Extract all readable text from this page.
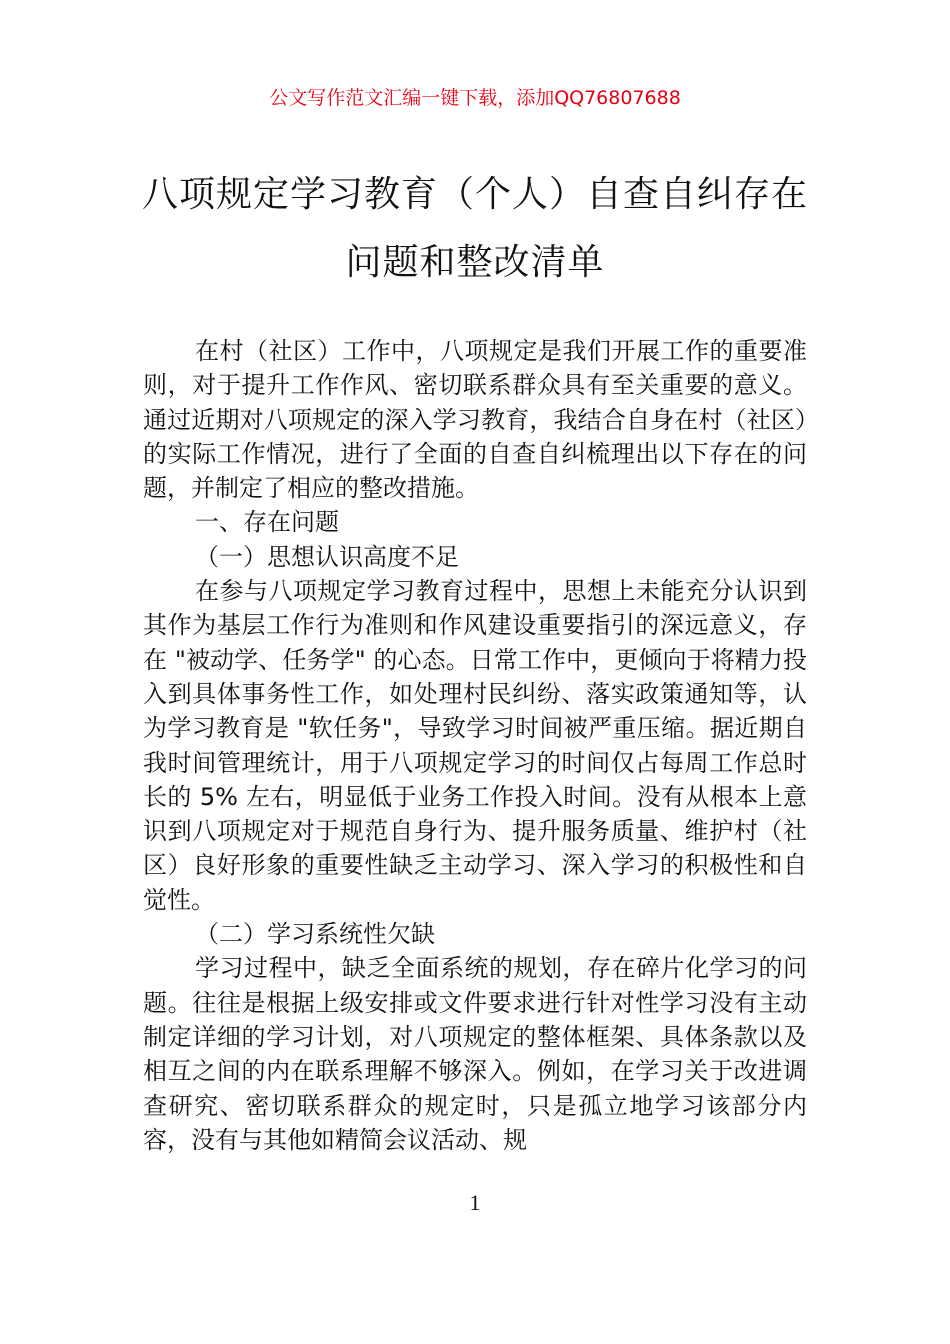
公文写作范文汇编一键下载，添加QQ76807688
八项规定学习教育（个人）自查自纠存在
问题和整改清单

在村（社区）工作中，八项规定是我们开展工作的重要准则，对于提升工作作风、密切联系群众具有至关重要的意义。通过近期对八项规定的深入学习教育，我结合自身在村（社区）的实际工作情况，进行了全面的自查自纠梳理出以下存在的问题，并制定了相应的整改措施。

一、存在问题

（一）思想认识高度不足

在参与八项规定学习教育过程中，思想上未能充分认识到其作为基层工作行为准则和作风建设重要指引的深远意义，存在 "被动学、任务学" 的心态。日常工作中，更倾向于将精力投入到具体事务性工作，如处理村民纠纷、落实政策通知等，认为学习教育是 "软任务"，导致学习时间被严重压缩。据近期自我时间管理统计，用于八项规定学习的时间仅占每周工作总时长的 5% 左右，明显低于业务工作投入时间。没有从根本上意识到八项规定对于规范自身行为、提升服务质量、维护村（社区）良好形象的重要性缺乏主动学习、深入学习的积极性和自觉性。

（二）学习系统性欠缺

学习过程中，缺乏全面系统的规划，存在碎片化学习的问题。往往是根据上级安排或文件要求进行针对性学习没有主动制定详细的学习计划，对八项规定的整体框架、具体条款以及相互之间的内在联系理解不够深入。例如，在学习关于改进调查研究、密切联系群众的规定时，只是孤立地学习该部分内容，没有与其他如精简会议活动、规

1
